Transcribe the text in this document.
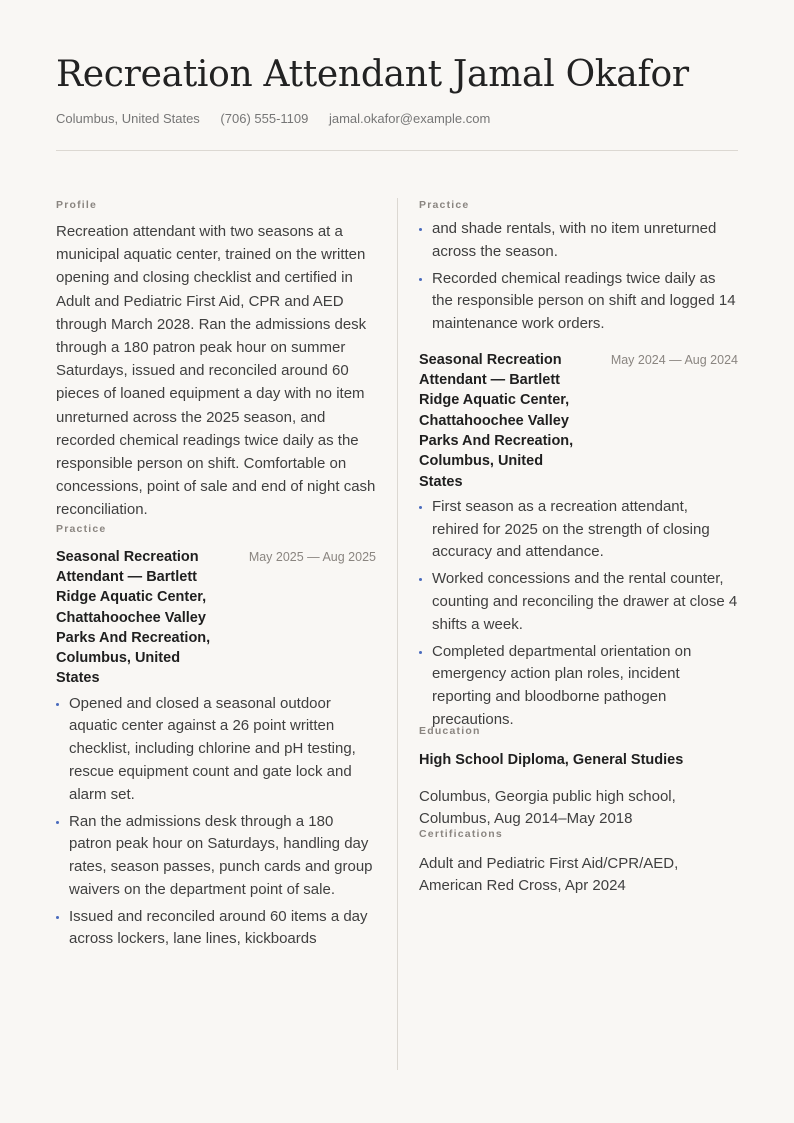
Recreation Attendant Jamal Okafor
Columbus, United States (706) 555-1109 jamal.okafor@example.com
Profile

Recreation attendant with two seasons at a municipal aquatic center, trained on the written opening and closing checklist and certified in Adult and Pediatric First Aid, CPR and AED through March 2028. Ran the admissions desk through a 180 patron peak hour on summer Saturdays, issued and reconciled around 60 pieces of loaned equipment a day with no item unreturned across the 2025 season, and recorded chemical readings twice daily as the responsible person on shift. Comfortable on concessions, point of sale and end of night cash reconciliation.

Practice
Seasonal Recreation Attendant — Bartlett Ridge Aquatic Center, Chattahoochee Valley Parks And Recreation, Columbus, United States
May 2025 — Aug 2025
Opened and closed a seasonal outdoor aquatic center against a 26 point written checklist, including chlorine and pH testing, rescue equipment count and gate lock and alarm set.
Ran the admissions desk through a 180 patron peak hour on Saturdays, handling day rates, season passes, punch cards and group waivers on the department point of sale.
Issued and reconciled around 60 items a day across lockers, lane lines, kickboards
Practice
and shade rentals, with no item unreturned across the season.
Recorded chemical readings twice daily as the responsible person on shift and logged 14 maintenance work orders.
Seasonal Recreation Attendant — Bartlett Ridge Aquatic Center, Chattahoochee Valley Parks And Recreation, Columbus, United States
May 2024 — Aug 2024
First season as a recreation attendant, rehired for 2025 on the strength of closing accuracy and attendance.
Worked concessions and the rental counter, counting and reconciling the drawer at close 4 shifts a week.
Completed departmental orientation on emergency action plan roles, incident reporting and bloodborne pathogen precautions.
Education
High School Diploma, General Studies
Columbus, Georgia public high school, Columbus, Aug 2014–May 2018
Certifications
Adult and Pediatric First Aid/CPR/AED, American Red Cross, Apr 2024
